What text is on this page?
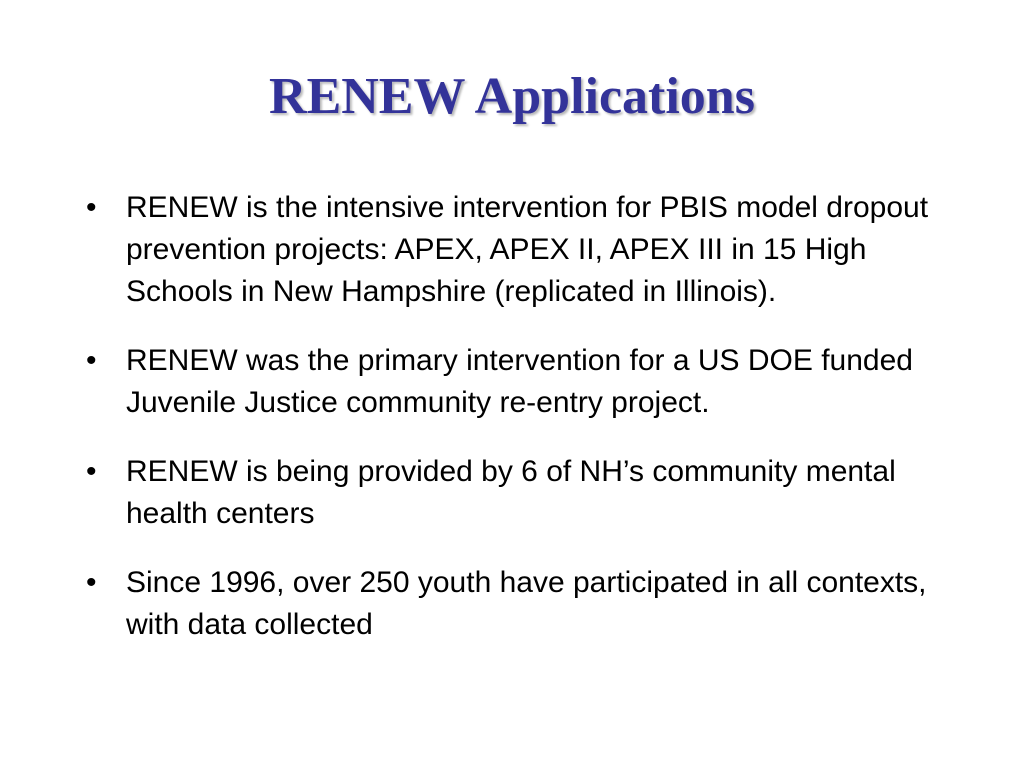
RENEW Applications
• RENEW is the intensive intervention for PBIS model dropout prevention projects: APEX, APEX II, APEX III in 15 High Schools in New Hampshire (replicated in Illinois).
• RENEW was the primary intervention for a US DOE funded Juvenile Justice community re-entry project.
• RENEW is being provided by 6 of NH’s community mental health centers
• Since 1996, over 250 youth have participated in all contexts, with data collected
